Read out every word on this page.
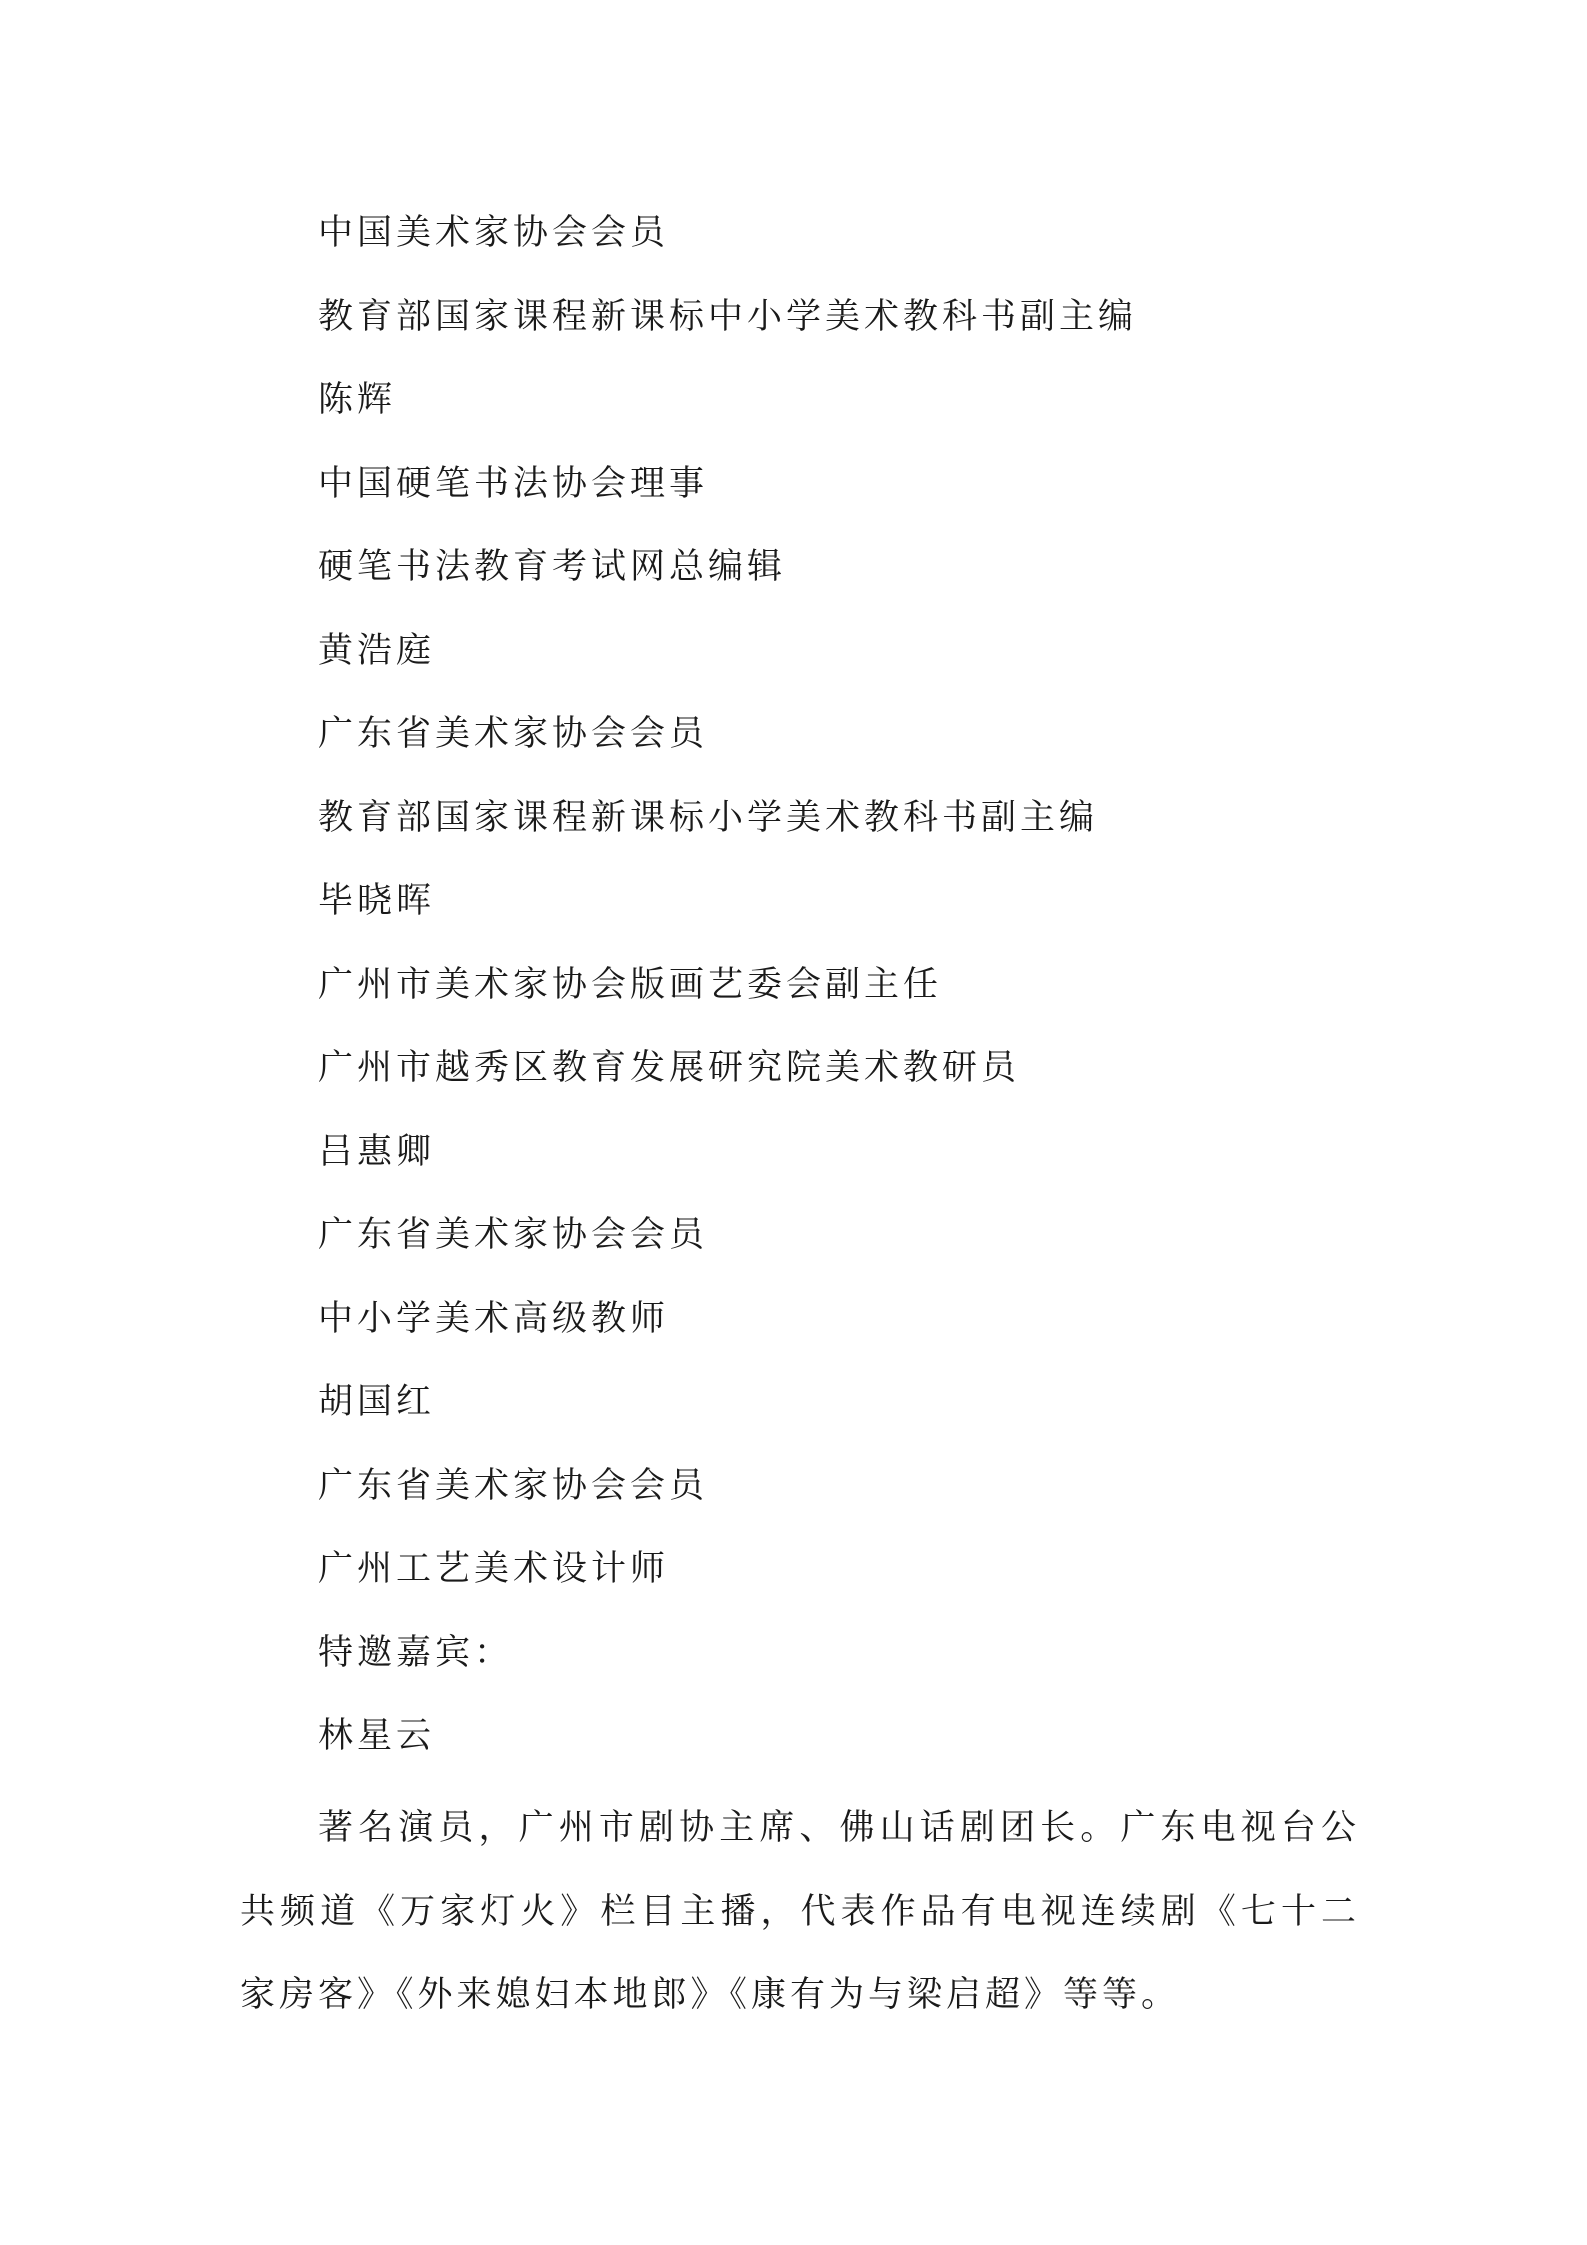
中国美术家协会会员
教育部国家课程新课标中小学美术教科书副主编
陈辉
中国硬笔书法协会理事
硬笔书法教育考试网总编辑
黄浩庭
广东省美术家协会会员
教育部国家课程新课标小学美术教科书副主编
毕晓晖
广州市美术家协会版画艺委会副主任
广州市越秀区教育发展研究院美术教研员
吕惠卿
广东省美术家协会会员
中小学美术高级教师
胡国红
广东省美术家协会会员
广州工艺美术设计师
特邀嘉宾：
林星云

著名演员，广州市剧协主席、佛山话剧团长。广东电视台公共频道《万家灯火》栏目主播，代表作品有电视连续剧《七十二家房客》《外来媳妇本地郎》《康有为与梁启超》等等。
